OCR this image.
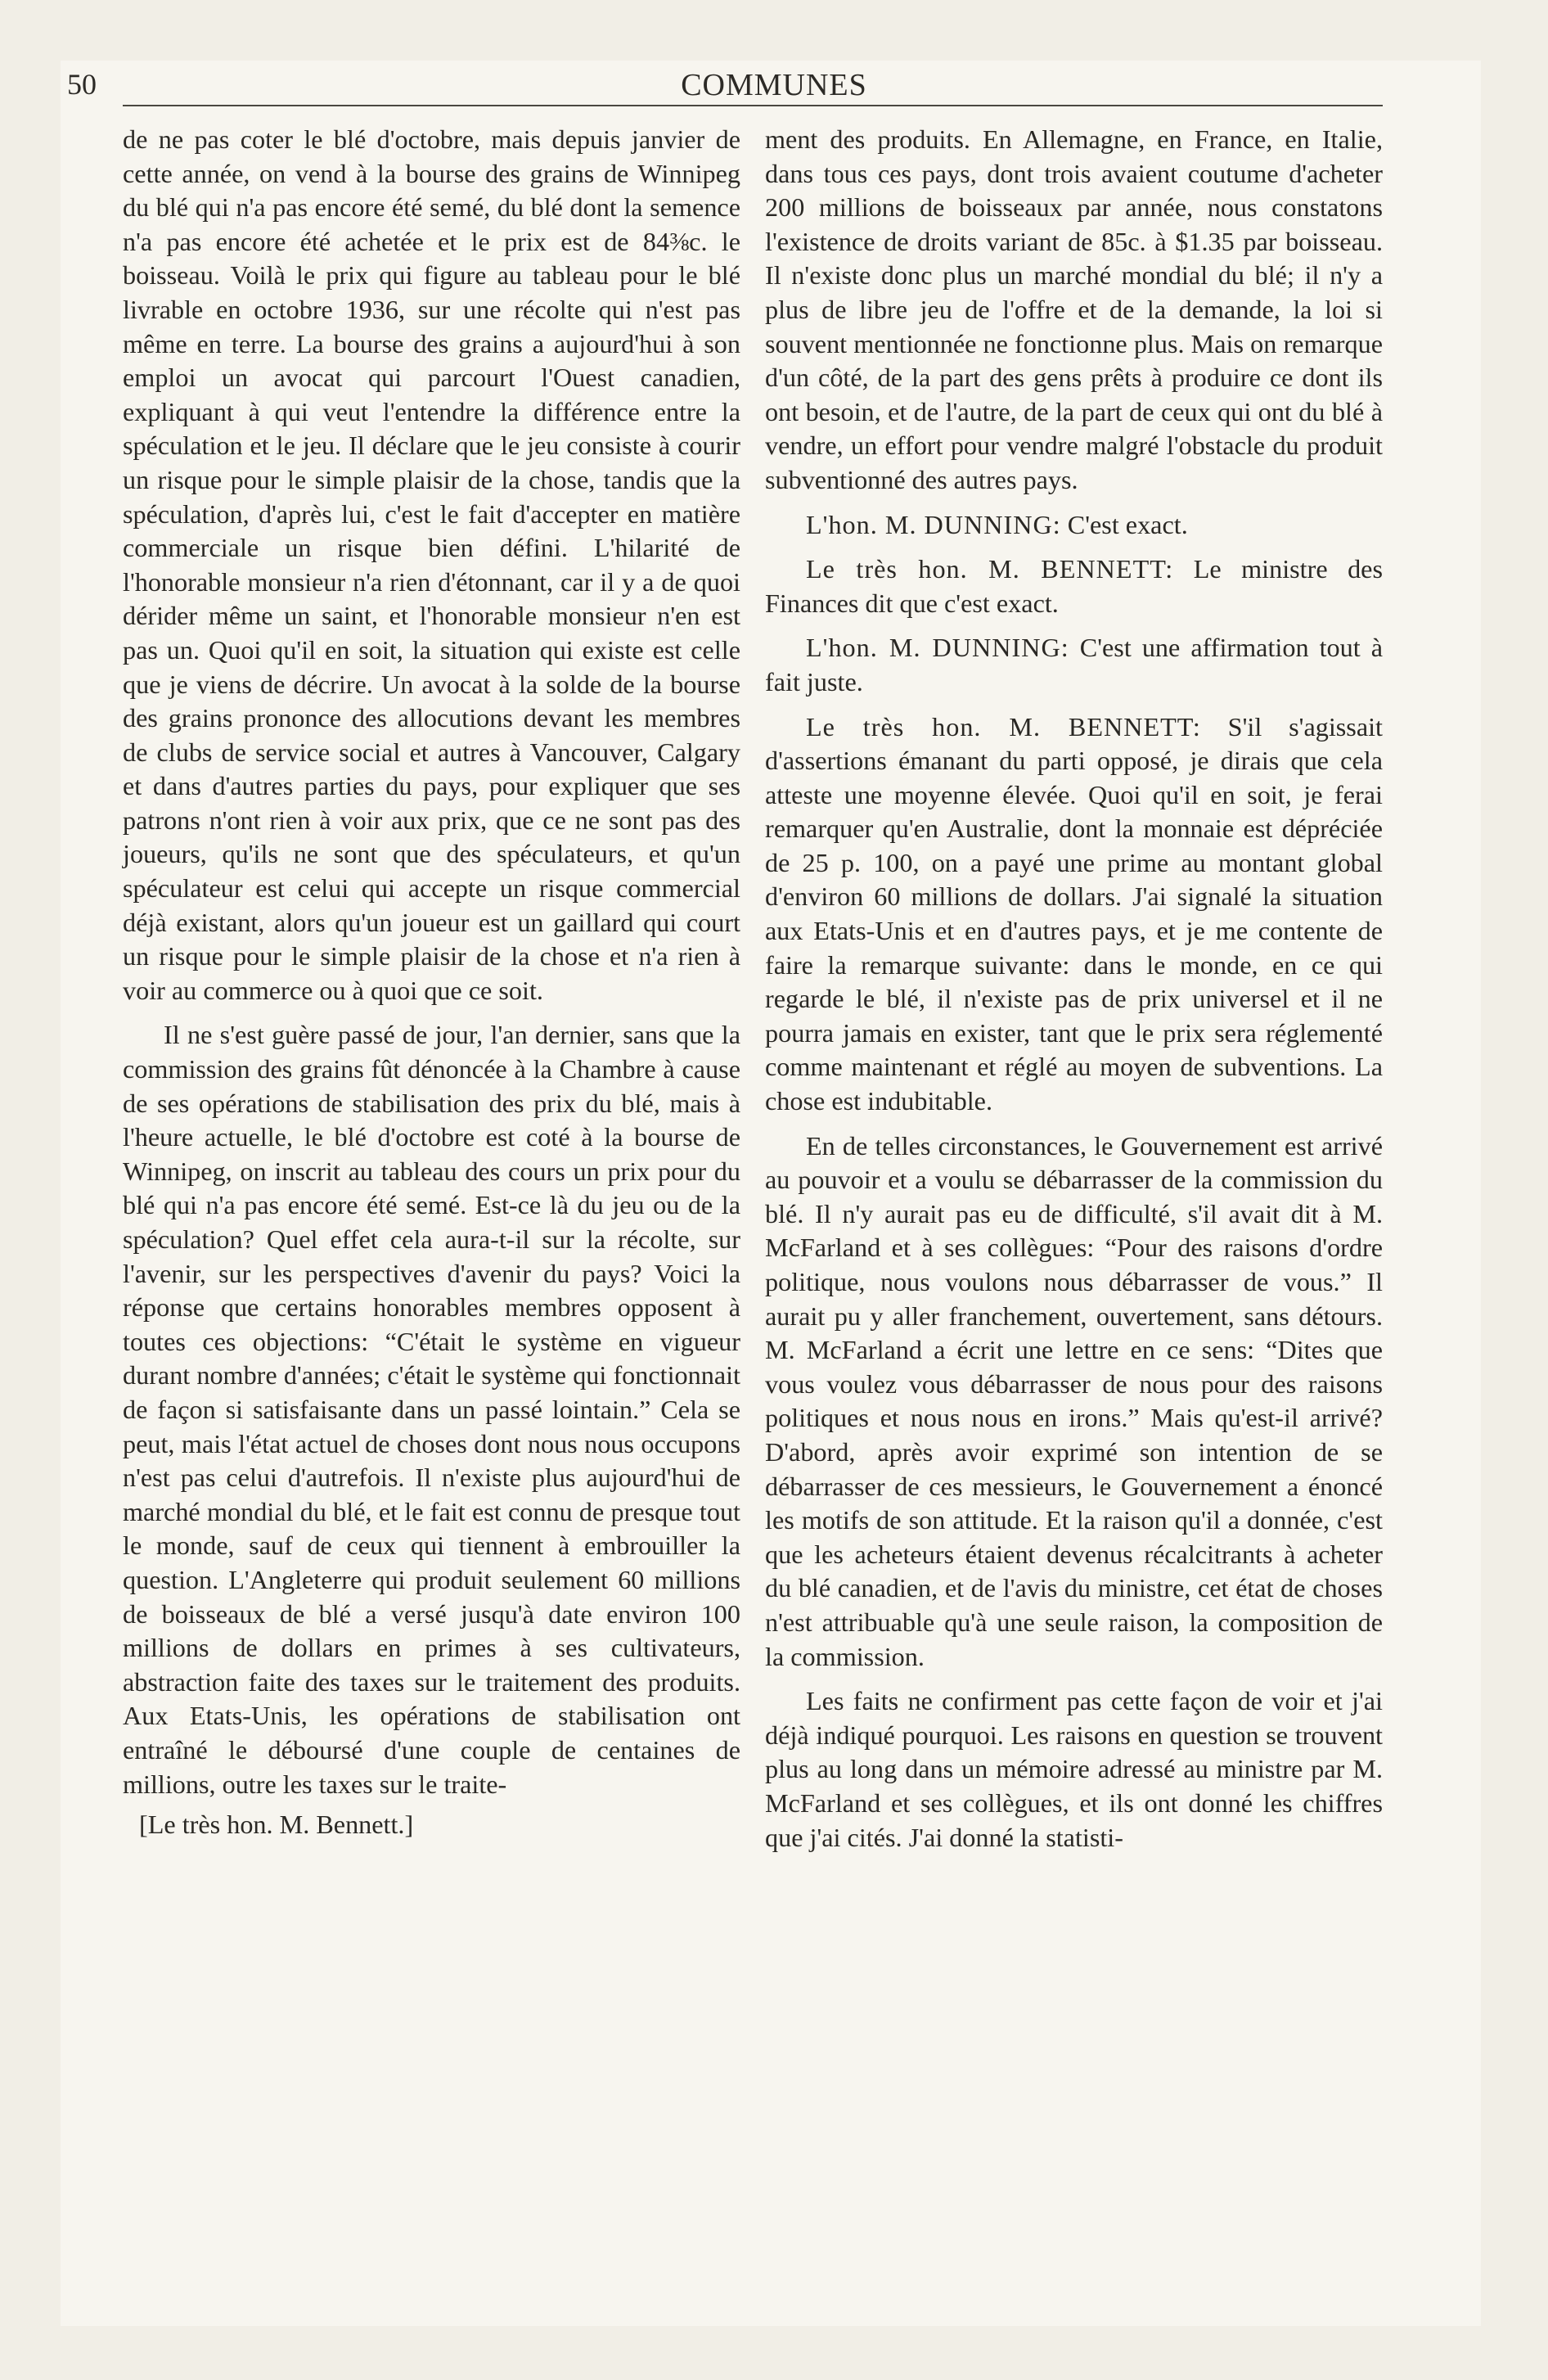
50	COMMUNES

de ne pas coter le blé d'octobre, mais depuis janvier de cette année, on vend à la bourse des grains de Winnipeg du blé qui n'a pas encore été semé, du blé dont la semence n'a pas encore été achetée et le prix est de 84⅜c. le boisseau. Voilà le prix qui figure au tableau pour le blé livrable en octobre 1936, sur une récolte qui n'est pas même en terre. La bourse des grains a aujourd'hui à son emploi un avocat qui parcourt l'Ouest canadien, expliquant à qui veut l'entendre la différence entre la spéculation et le jeu. Il déclare que le jeu consiste à courir un risque pour le simple plaisir de la chose, tandis que la spéculation, d'après lui, c'est le fait d'accepter en matière commerciale un risque bien défini. L'hilarité de l'honorable monsieur n'a rien d'étonnant, car il y a de quoi dérider même un saint, et l'honorable monsieur n'en est pas un. Quoi qu'il en soit, la situation qui existe est celle que je viens de décrire. Un avocat à la solde de la bourse des grains prononce des allocutions devant les membres de clubs de service social et autres à Vancouver, Calgary et dans d'autres parties du pays, pour expliquer que ses patrons n'ont rien à voir aux prix, que ce ne sont pas des joueurs, qu'ils ne sont que des spéculateurs, et qu'un spéculateur est celui qui accepte un risque commercial déjà existant, alors qu'un joueur est un gaillard qui court un risque pour le simple plaisir de la chose et n'a rien à voir au commerce ou à quoi que ce soit.

Il ne s'est guère passé de jour, l'an dernier, sans que la commission des grains fût dénoncée à la Chambre à cause de ses opérations de stabilisation des prix du blé, mais à l'heure actuelle, le blé d'octobre est coté à la bourse de Winnipeg, on inscrit au tableau des cours un prix pour du blé qui n'a pas encore été semé. Est-ce là du jeu ou de la spéculation? Quel effet cela aura-t-il sur la récolte, sur l'avenir, sur les perspectives d'avenir du pays? Voici la réponse que certains honorables membres opposent à toutes ces objections: “C'était le système en vigueur durant nombre d'années; c'était le système qui fonctionnait de façon si satisfaisante dans un passé lointain.” Cela se peut, mais l'état actuel de choses dont nous nous occupons n'est pas celui d'autrefois. Il n'existe plus aujourd'hui de marché mondial du blé, et le fait est connu de presque tout le monde, sauf de ceux qui tiennent à embrouiller la question. L'Angleterre qui produit seulement 60 millions de boisseaux de blé a versé jusqu'à date environ 100 millions de dollars en primes à ses cultivateurs, abstraction faite des taxes sur le traitement des produits. Aux Etats-Unis, les opérations de stabilisation ont entraîné le déboursé d'une couple de centaines de millions, outre les taxes sur le traite-

[Le très hon. M. Bennett.]

ment des produits. En Allemagne, en France, en Italie, dans tous ces pays, dont trois avaient coutume d'acheter 200 millions de boisseaux par année, nous constatons l'existence de droits variant de 85c. à $1.35 par boisseau. Il n'existe donc plus un marché mondial du blé; il n'y a plus de libre jeu de l'offre et de la demande, la loi si souvent mentionnée ne fonctionne plus. Mais on remarque d'un côté, de la part des gens prêts à produire ce dont ils ont besoin, et de l'autre, de la part de ceux qui ont du blé à vendre, un effort pour vendre malgré l'obstacle du produit subventionné des autres pays.

L'hon. M. DUNNING: C'est exact.

Le très hon. M. BENNETT: Le ministre des Finances dit que c'est exact.

L'hon. M. DUNNING: C'est une affirmation tout à fait juste.

Le très hon. M. BENNETT: S'il s'agissait d'assertions émanant du parti opposé, je dirais que cela atteste une moyenne élevée. Quoi qu'il en soit, je ferai remarquer qu'en Australie, dont la monnaie est dépréciée de 25 p. 100, on a payé une prime au montant global d'environ 60 millions de dollars. J'ai signalé la situation aux Etats-Unis et en d'autres pays, et je me contente de faire la remarque suivante: dans le monde, en ce qui regarde le blé, il n'existe pas de prix universel et il ne pourra jamais en exister, tant que le prix sera réglementé comme maintenant et réglé au moyen de subventions. La chose est indubitable.

En de telles circonstances, le Gouvernement est arrivé au pouvoir et a voulu se débarrasser de la commission du blé. Il n'y aurait pas eu de difficulté, s'il avait dit à M. McFarland et à ses collègues: “Pour des raisons d'ordre politique, nous voulons nous débarrasser de vous.” Il aurait pu y aller franchement, ouvertement, sans détours. M. McFarland a écrit une lettre en ce sens: “Dites que vous voulez vous débarrasser de nous pour des raisons politiques et nous nous en irons.” Mais qu'est-il arrivé? D'abord, après avoir exprimé son intention de se débarrasser de ces messieurs, le Gouvernement a énoncé les motifs de son attitude. Et la raison qu'il a donnée, c'est que les acheteurs étaient devenus récalcitrants à acheter du blé canadien, et de l'avis du ministre, cet état de choses n'est attribuable qu'à une seule raison, la composition de la commission.

Les faits ne confirment pas cette façon de voir et j'ai déjà indiqué pourquoi. Les raisons en question se trouvent plus au long dans un mémoire adressé au ministre par M. McFarland et ses collègues, et ils ont donné les chiffres que j'ai cités. J'ai donné la statisti-
